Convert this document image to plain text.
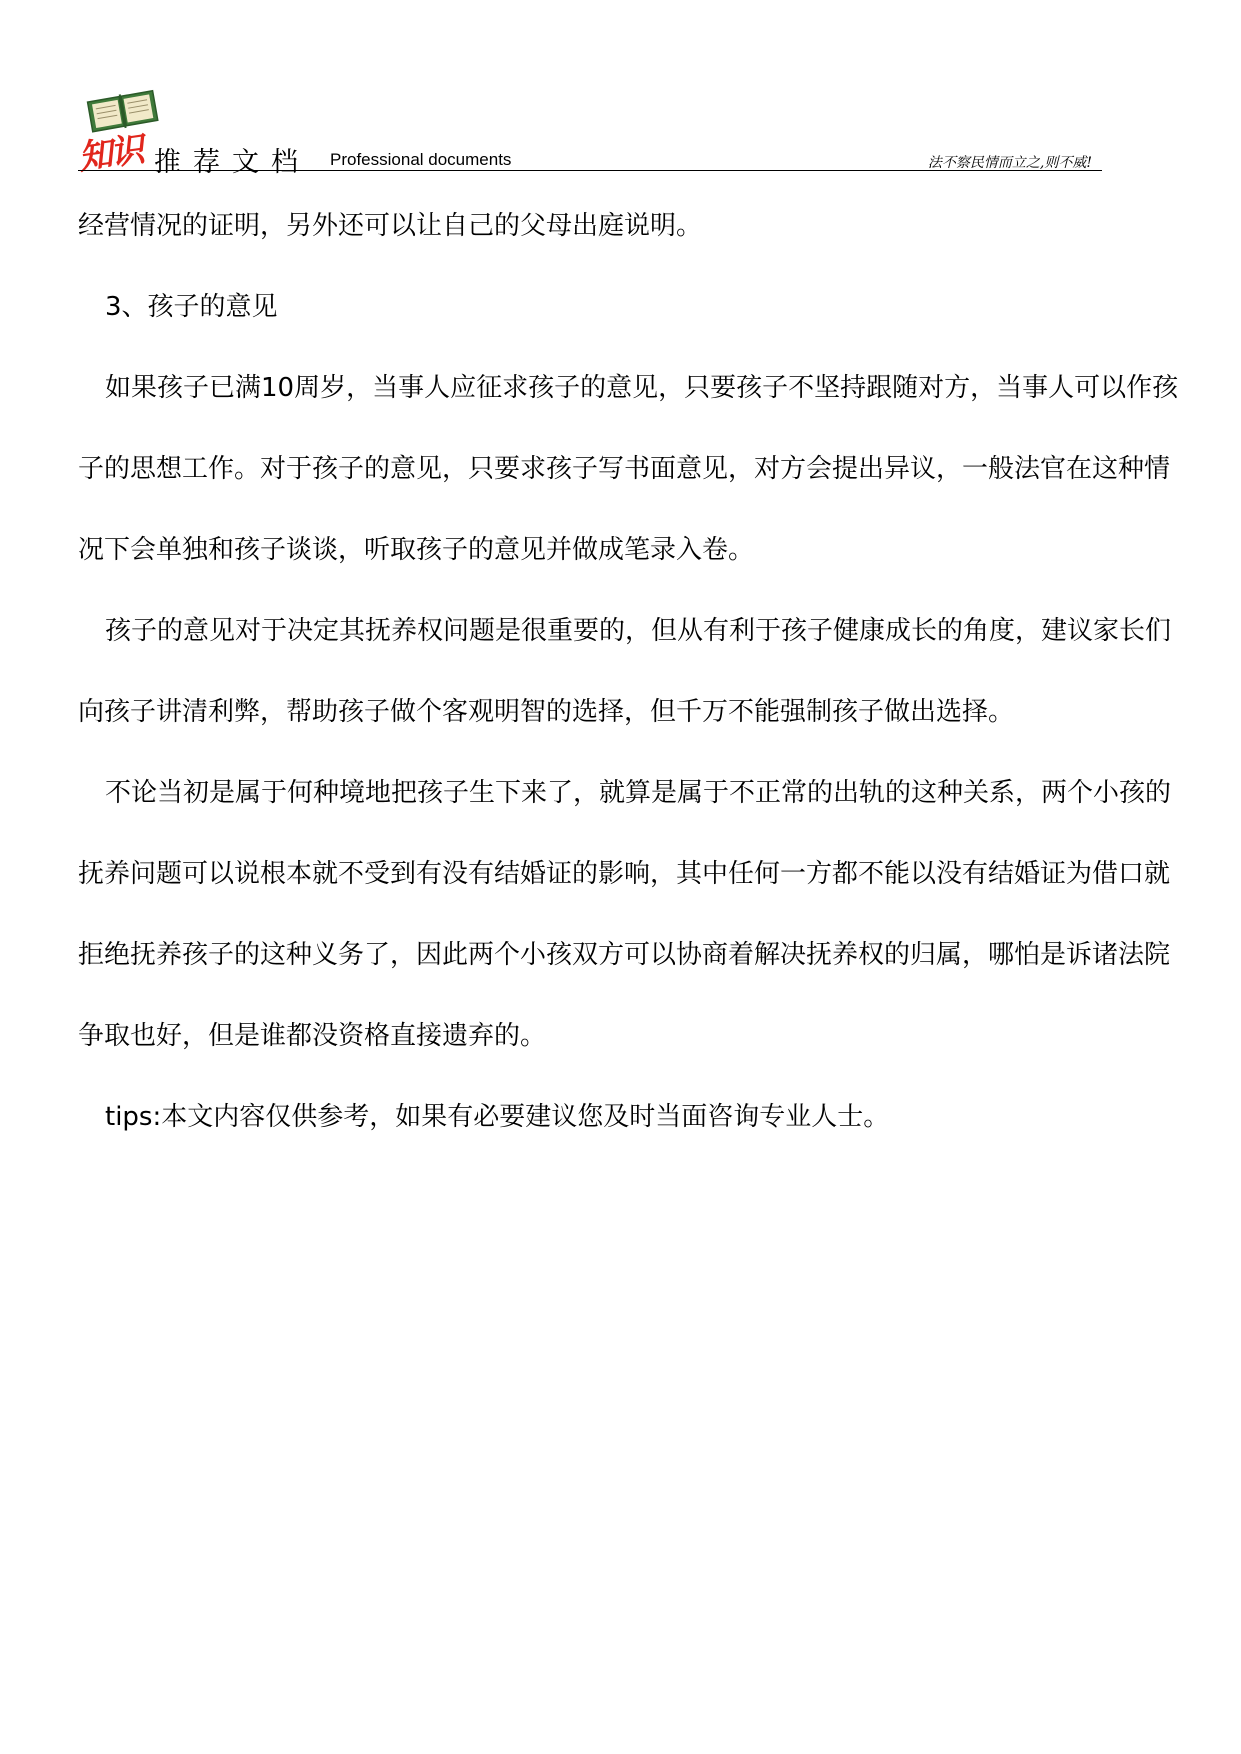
知识 推荐文档 Professional documents	法不察民情而立之,则不威!

经营情况的证明，另外还可以让自己的父母出庭说明。

3、孩子的意见

如果孩子已满10周岁，当事人应征求孩子的意见，只要孩子不坚持跟随对方，当事人可以作孩子的思想工作。对于孩子的意见，只要求孩子写书面意见，对方会提出异议，一般法官在这种情况下会单独和孩子谈谈，听取孩子的意见并做成笔录入卷。

孩子的意见对于决定其抚养权问题是很重要的，但从有利于孩子健康成长的角度，建议家长们向孩子讲清利弊，帮助孩子做个客观明智的选择，但千万不能强制孩子做出选择。

不论当初是属于何种境地把孩子生下来了，就算是属于不正常的出轨的这种关系，两个小孩的抚养问题可以说根本就不受到有没有结婚证的影响，其中任何一方都不能以没有结婚证为借口就拒绝抚养孩子的这种义务了，因此两个小孩双方可以协商着解决抚养权的归属，哪怕是诉诸法院争取也好，但是谁都没资格直接遗弃的。

tips:本文内容仅供参考，如果有必要建议您及时当面咨询专业人士。
